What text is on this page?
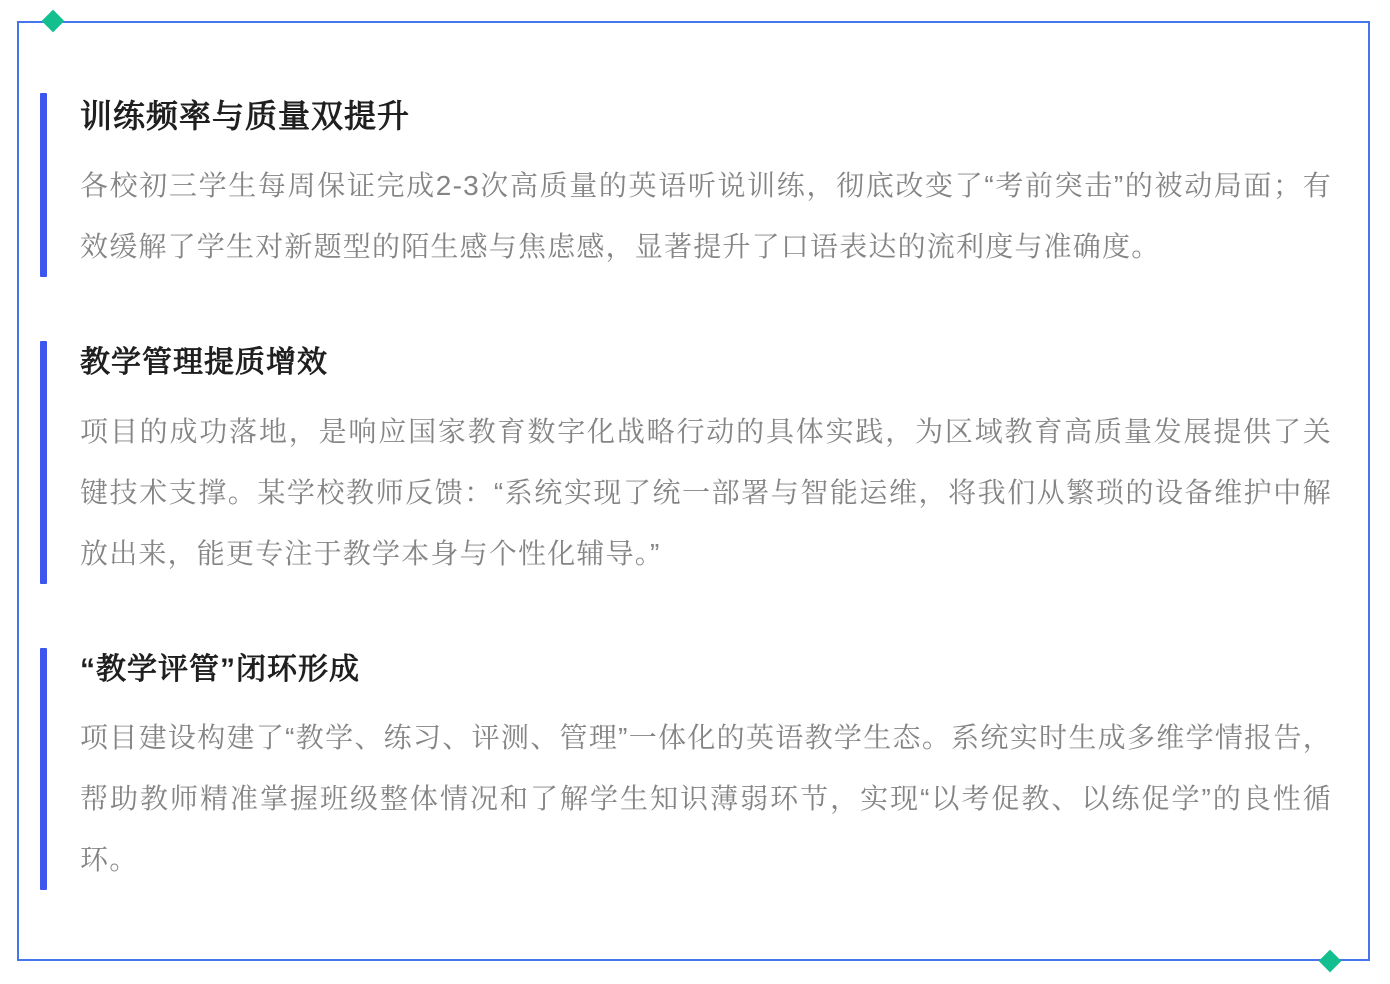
训练频率与质量双提升

各校初三学生每周保证完成2-3次高质量的英语听说训练，彻底改变了“考前突击”的被动局面；有效缓解了学生对新题型的陌生感与焦虑感，显著提升了口语表达的流利度与准确度。

教学管理提质增效

项目的成功落地，是响应国家教育数字化战略行动的具体实践，为区域教育高质量发展提供了关键技术支撑。某学校教师反馈：“系统实现了统一部署与智能运维，将我们从繁琐的设备维护中解放出来，能更专注于教学本身与个性化辅导。”

“教学评管”闭环形成

项目建设构建了“教学、练习、评测、管理”一体化的英语教学生态。系统实时生成多维学情报告，帮助教师精准掌握班级整体情况和了解学生知识薄弱环节，实现“以考促教、以练促学”的良性循环。
